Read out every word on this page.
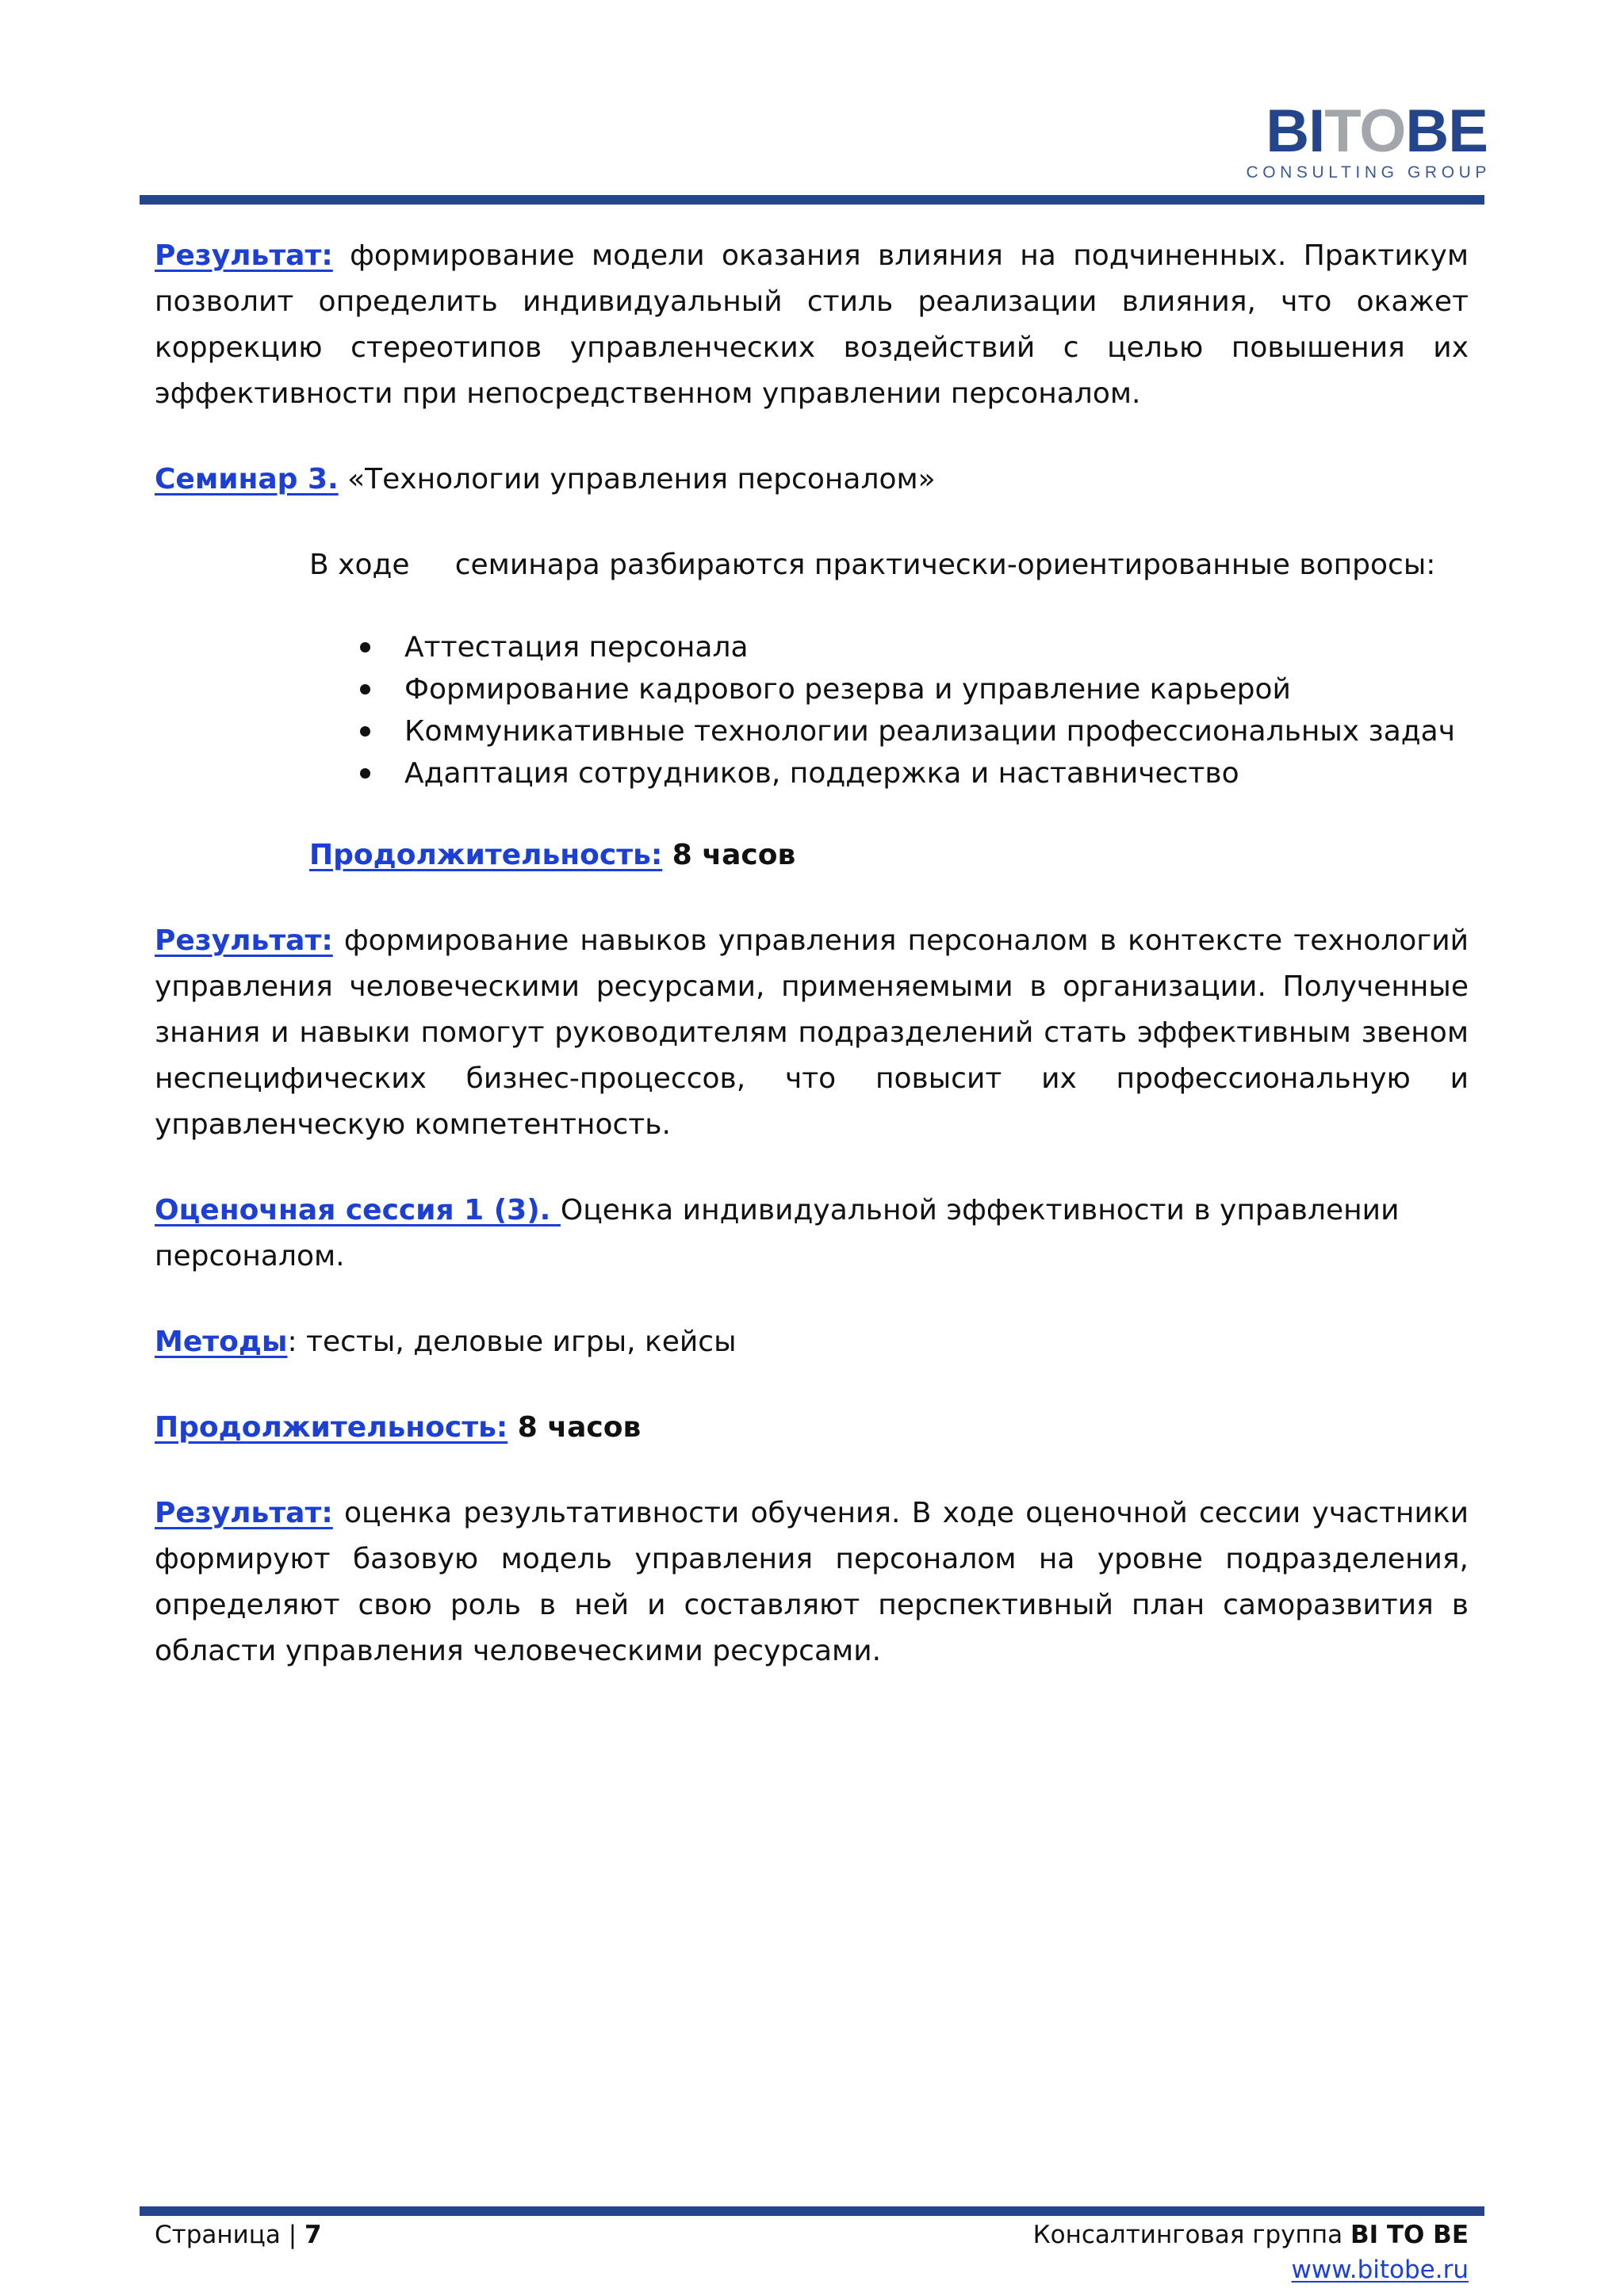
BITOBE
CONSULTING GROUP

Результат: формирование модели оказания влияния на подчиненных. Практикум позволит определить индивидуальный стиль реализации влияния, что окажет коррекцию стереотипов управленческих воздействий с целью повышения их эффективности при непосредственном управлении персоналом.

Семинар 3. «Технологии управления персоналом»

В ходе     семинара разбираются практически-ориентированные вопросы:

Аттестация персонала
Формирование кадрового резерва и управление карьерой
Коммуникативные технологии реализации профессиональных задач
Адаптация сотрудников, поддержка и наставничество

Продолжительность: 8 часов

Результат: формирование навыков управления персоналом в контексте технологий управления человеческими ресурсами, применяемыми в организации. Полученные знания и навыки помогут руководителям подразделений стать эффективным звеном неспецифических бизнес-процессов, что повысит их профессиональную и управленческую компетентность.

Оценочная сессия 1 (3). Оценка индивидуальной эффективности в управлении персоналом.

Методы: тесты, деловые игры, кейсы

Продолжительность: 8 часов

Результат: оценка результативности обучения. В ходе оценочной сессии участники формируют базовую модель управления персоналом на уровне подразделения, определяют свою роль в ней и составляют перспективный план саморазвития в области управления человеческими ресурсами.

Страница | 7	Консалтинговая группа BI TO BE
www.bitobe.ru
